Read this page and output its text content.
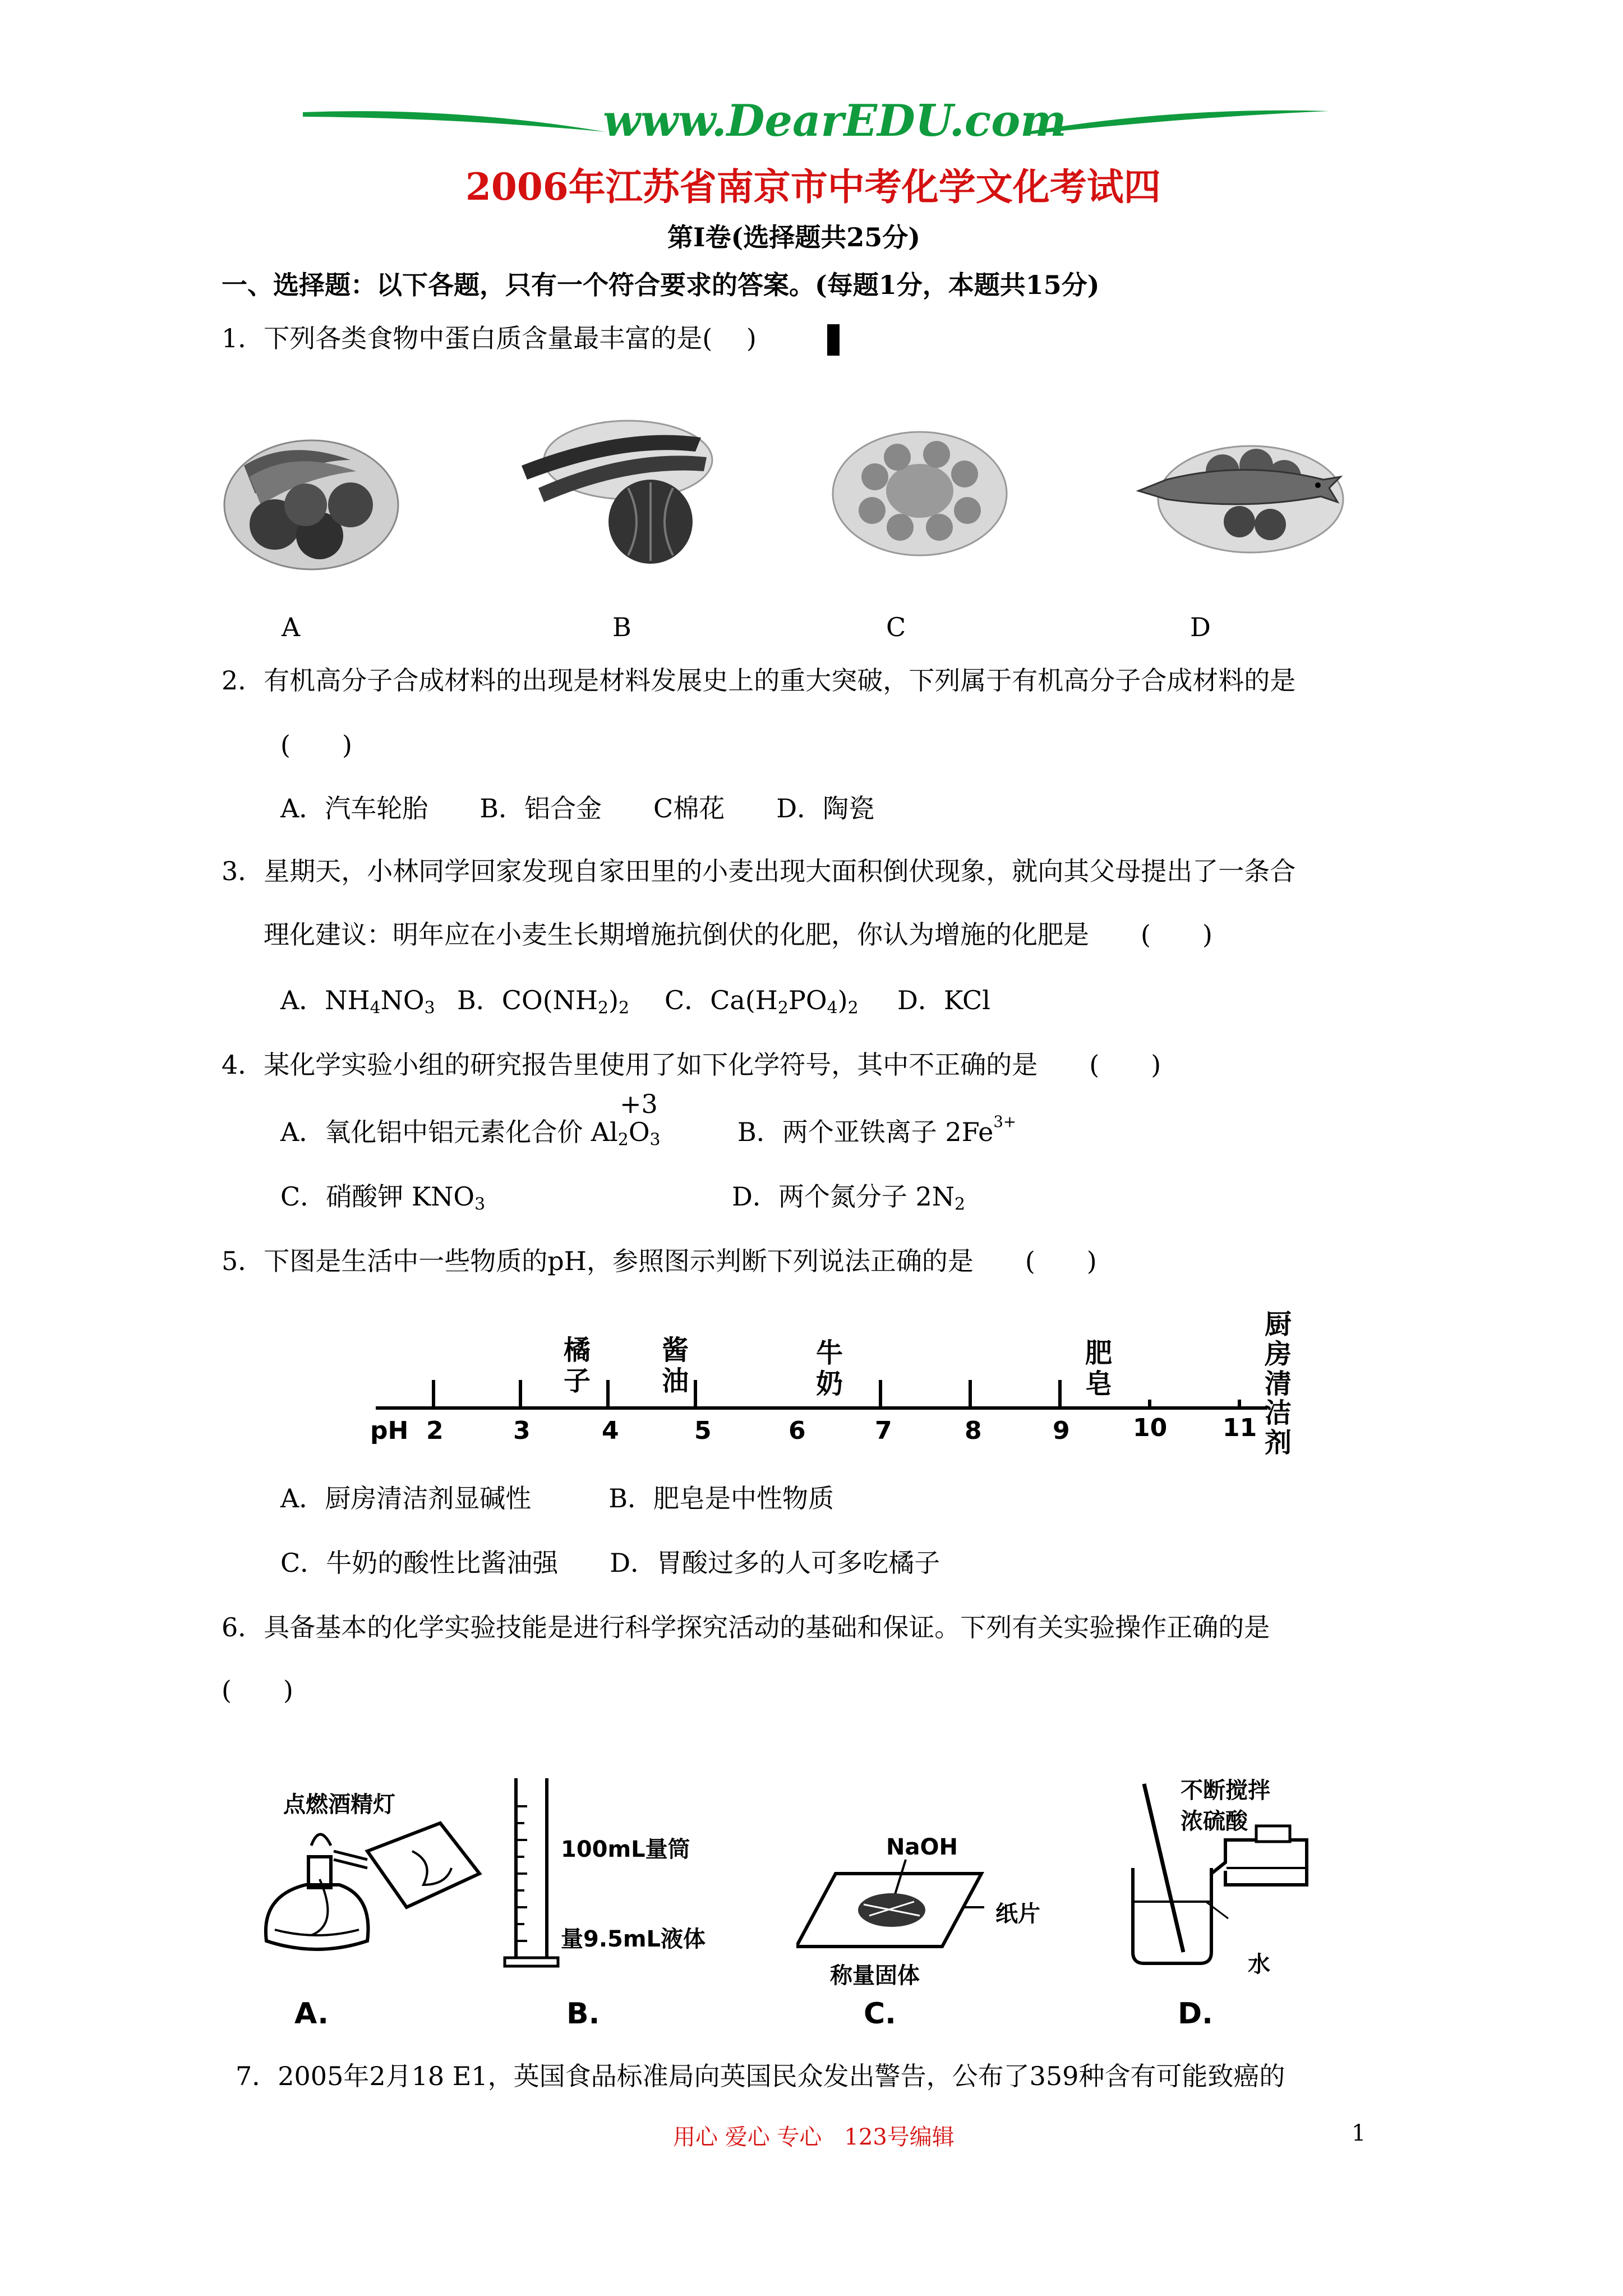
www.DearEDU.com
2006年江苏省南京市中考化学文化考试四
第Ⅰ卷(选择题共25分)
一、选择题：以下各题，只有一个符合要求的答案。(每题1分，本题共15分)
1．下列各类食物中蛋白质含量最丰富的是(　 )
A	B	C	D
2．有机高分子合成材料的出现是材料发展史上的重大突破，下列属于有机高分子合成材料的是
(　　)
A．汽车轮胎　　B．铝合金　　C棉花　　D．陶瓷
3．星期天，小林同学回家发现自家田里的小麦出现大面积倒伏现象，就向其父母提出了一条合
理化建议：明年应在小麦生长期增施抗倒伏的化肥，你认为增施的化肥是　　(　　)
A．$NH_4NO_3$ B．$CO(NH_2)_2$ C．$Ca(H_2PO_4)_2$ D．KCl
4．某化学实验小组的研究报告里使用了如下化学符号，其中不正确的是　　(　　)
+3
A．氧化铝中铝元素化合价 $Al_2O_3$	B．两个亚铁离子 $2Fe^{3+}$
C．硝酸钾 $KNO_3$	D．两个氮分子 $2N_2$
5．下图是生活中一些物质的pH，参照图示判断下列说法正确的是　　(　　)
pH 2	3	4	5	6	7	8	9	10 11
橘子
酱油
牛奶
肥皂
厨房清洁剂
A．厨房清洁剂显碱性　　　B．肥皂是中性物质
C．牛奶的酸性比酱油强　　D．胃酸过多的人可多吃橘子
6．具备基本的化学实验技能是进行科学探究活动的基础和保证。下列有关实验操作正确的是
(　　)
点燃酒精灯
A.
100mL量筒
量9.5mL液体
B.
NaOH
纸片
称量固体
C.
不断搅拌
浓硫酸
水
D.
7．2005年2月18 E1，英国食品标准局向英国民众发出警告，公布了359种含有可能致癌的
用心 爱心 专心　123号编辑	1
